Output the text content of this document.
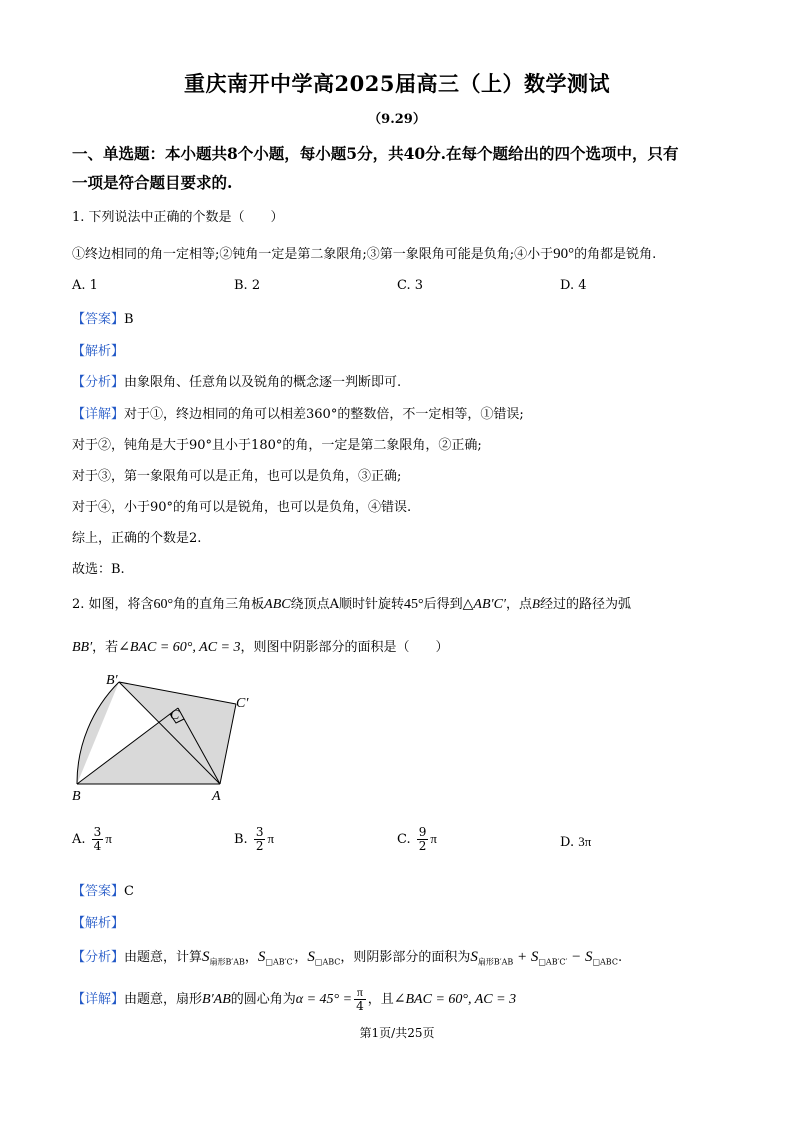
重庆南开中学高2025届高三（上）数学测试
（9.29）
一、单选题：本小题共8个小题，每小题5分，共40分.在每个题给出的四个选项中，只有
一项是符合题目要求的.
1. 下列说法中正确的个数是（　　）
①终边相同的角一定相等;②钝角一定是第二象限角;③第一象限角可能是负角;④小于90°的角都是锐角.
A. 1	B. 2	C. 3	D. 4
【答案】B
【解析】
【分析】由象限角、任意角以及锐角的概念逐一判断即可.
【详解】对于①，终边相同的角可以相差360°的整数倍，不一定相等，①错误;
对于②，钝角是大于90°且小于180°的角，一定是第二象限角，②正确;
对于③，第一象限角可以是正角，也可以是负角，③正确;
对于④，小于90°的角可以是锐角，也可以是负角，④错误.
综上，正确的个数是2.
故选：B.
2. 如图，将含60°角的直角三角板ABC绕顶点A顺时针旋转45°后得到△AB′C′，点B经过的路径为弧
BB′，若∠BAC = 60°, AC = 3，则图中阴影部分的面积是（　　）
B′
C
C′
B	A
A. $\frac{3}{4}$ π	B. $\frac{3}{2}$ π	C. $\frac{9}{2}$ π	D. 3π
【答案】C
【解析】
【分析】由题意，计算$S_{扇形B'AB}$，$S_{□AB'C'}$，$S_{□ABC}$，则阴影部分的面积为$S_{扇形B'AB} + S_{□AB'C'} - S_{□ABC}$.
【详解】由题意，扇形B′AB的圆心角为$\alpha = 45^\circ = \frac{\pi}{4}$ ，且∠BAC = 60°, AC = 3
第1页/共25页
